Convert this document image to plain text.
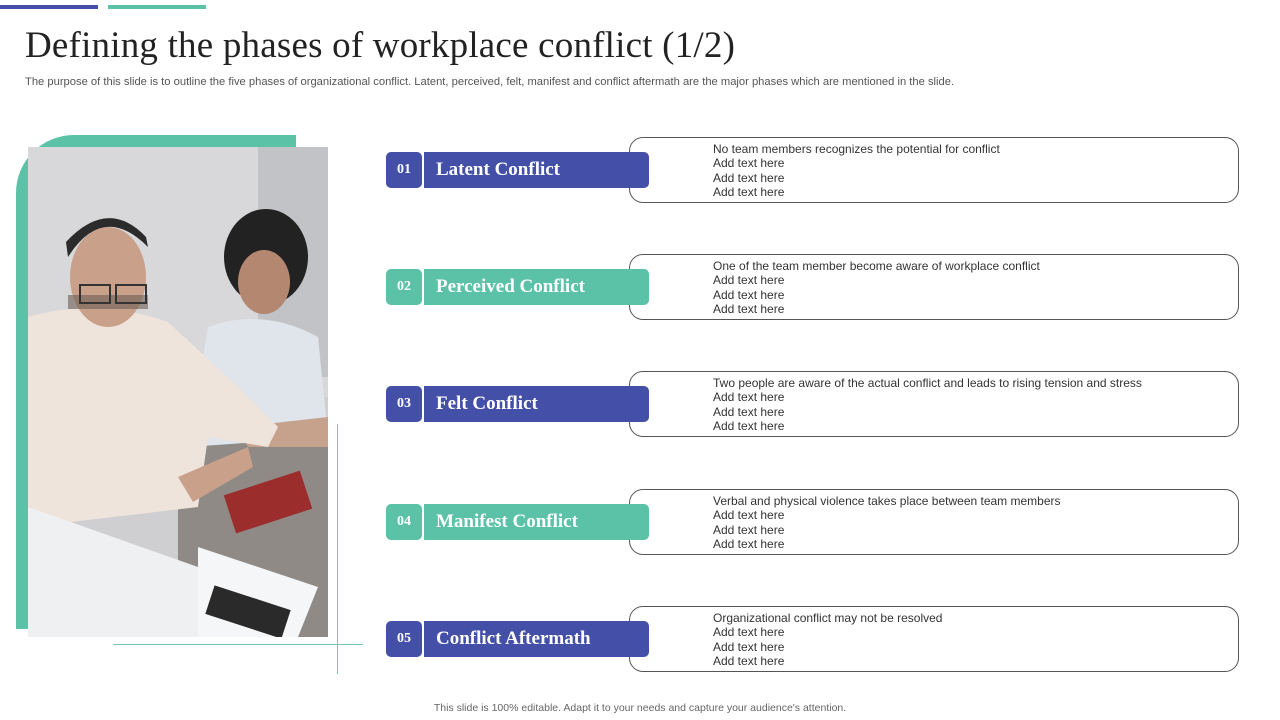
Defining the phases of workplace conflict (1/2)
The purpose of this slide is to outline the five phases of organizational conflict. Latent, perceived, felt, manifest and conflict aftermath are the major phases which are mentioned in the slide.
01	Latent Conflict
No team members recognizes the potential for conflict
Add text here
Add text here
Add text here
02	Perceived Conflict
One of the team member become aware of workplace conflict
Add text here
Add text here
Add text here
03	Felt Conflict
Two people are aware of the actual conflict and leads to rising tension and stress
Add text here
Add text here
Add text here
04	Manifest Conflict
Verbal and physical violence takes place between team members
Add text here
Add text here
Add text here
05	Conflict Aftermath
Organizational conflict may not be resolved
Add text here
Add text here
Add text here
This slide is 100% editable. Adapt it to your needs and capture your audience's attention.
